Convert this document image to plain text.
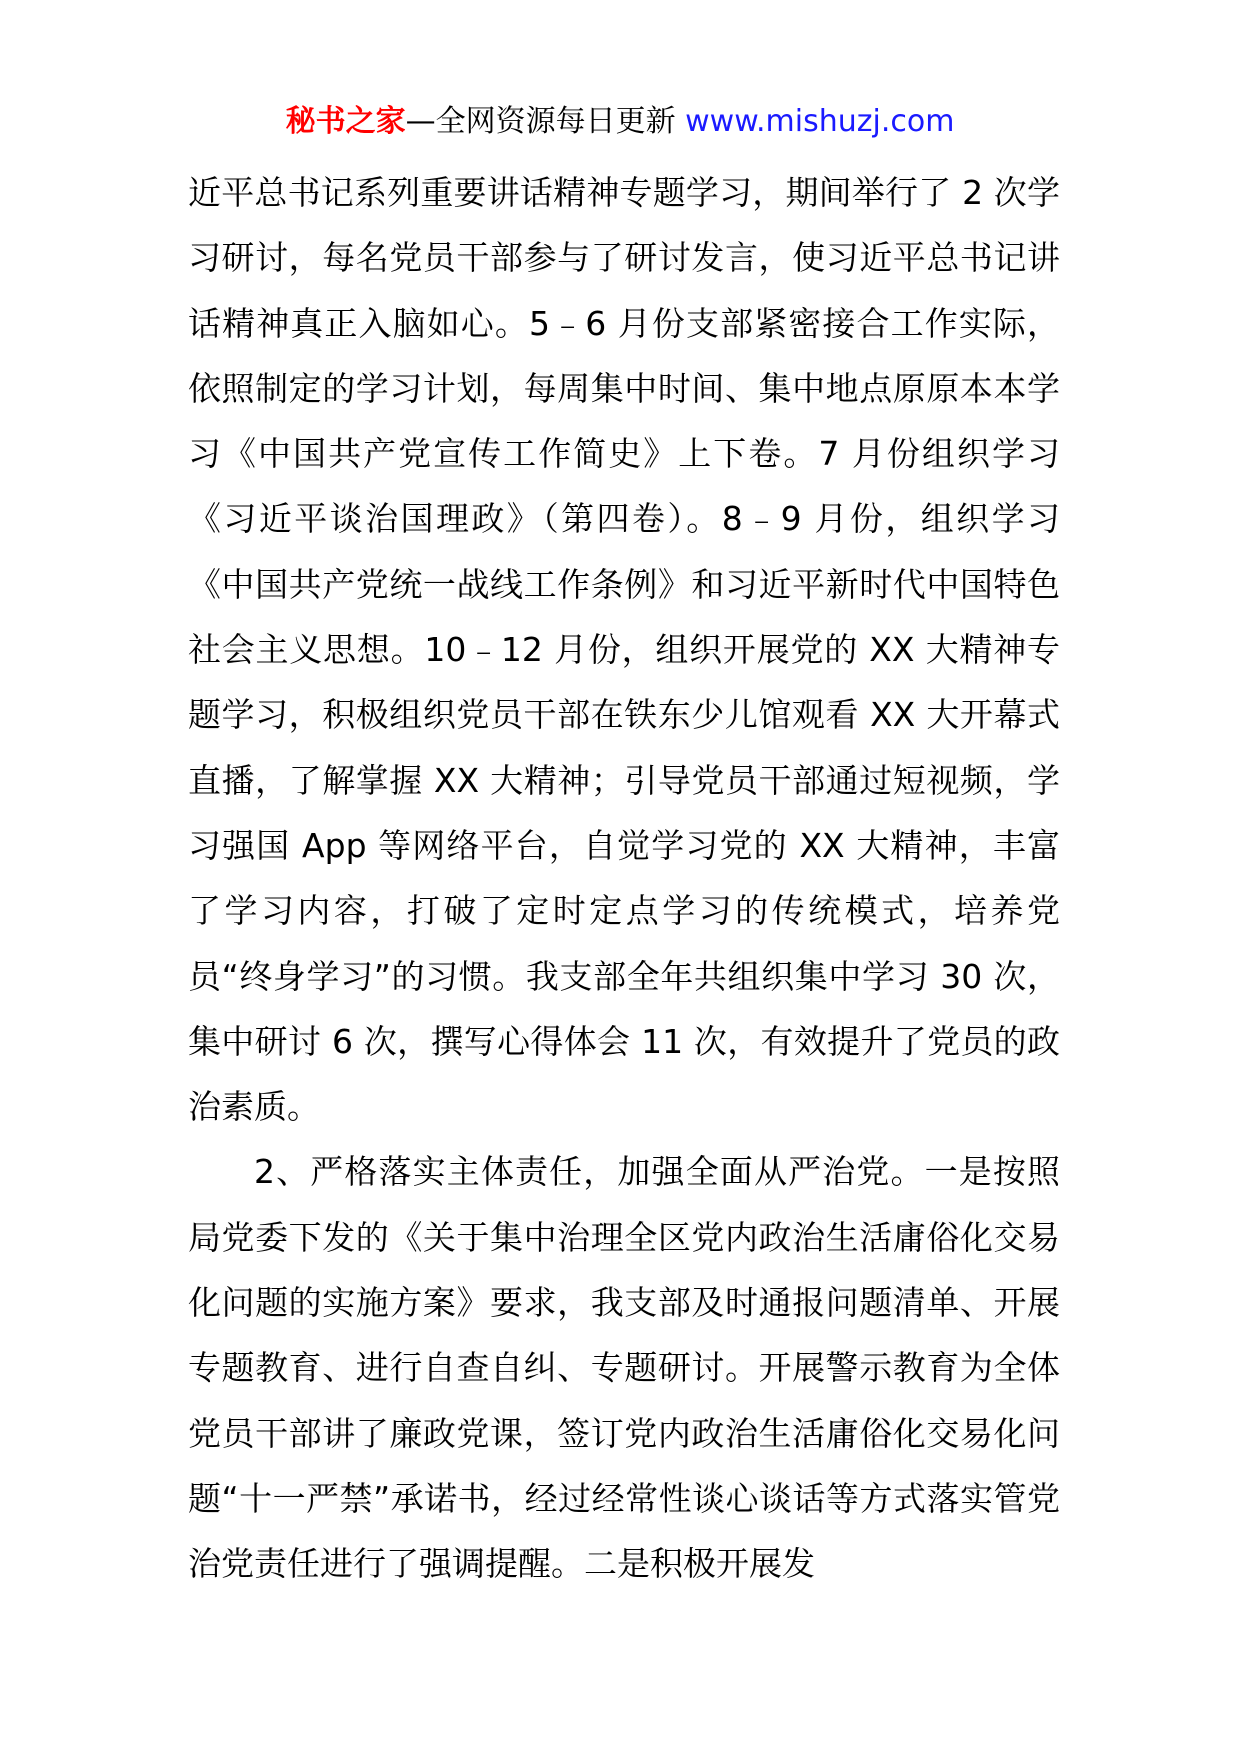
秘书之家—全网资源每日更新 www.mishuzj.com

近平总书记系列重要讲话精神专题学习，期间举行了 2 次学习研讨，每名党员干部参与了研讨发言，使习近平总书记讲话精神真正入脑如心。5﹣6 月份支部紧密接合工作实际，依照制定的学习计划，每周集中时间、集中地点原原本本学习《中国共产党宣传工作简史》上下卷。7 月份组织学习《习近平谈治国理政》（第四卷）。8﹣9 月份，组织学习《中国共产党统一战线工作条例》和习近平新时代中国特色社会主义思想。10﹣12 月份，组织开展党的 XX 大精神专题学习，积极组织党员干部在铁东少儿馆观看 XX 大开幕式直播，了解掌握 XX 大精神；引导党员干部通过短视频，学习强国 App 等网络平台，自觉学习党的 XX 大精神，丰富了学习内容，打破了定时定点学习的传统模式，培养党员“终身学习”的习惯。我支部全年共组织集中学习 30 次，集中研讨 6 次，撰写心得体会 11 次，有效提升了党员的政治素质。

2、严格落实主体责任，加强全面从严治党。一是按照局党委下发的《关于集中治理全区党内政治生活庸俗化交易化问题的实施方案》要求，我支部及时通报问题清单、开展专题教育、进行自查自纠、专题研讨。开展警示教育为全体党员干部讲了廉政党课，签订党内政治生活庸俗化交易化问题“十一严禁”承诺书，经过经常性谈心谈话等方式落实管党治党责任进行了强调提醒。二是积极开展发
